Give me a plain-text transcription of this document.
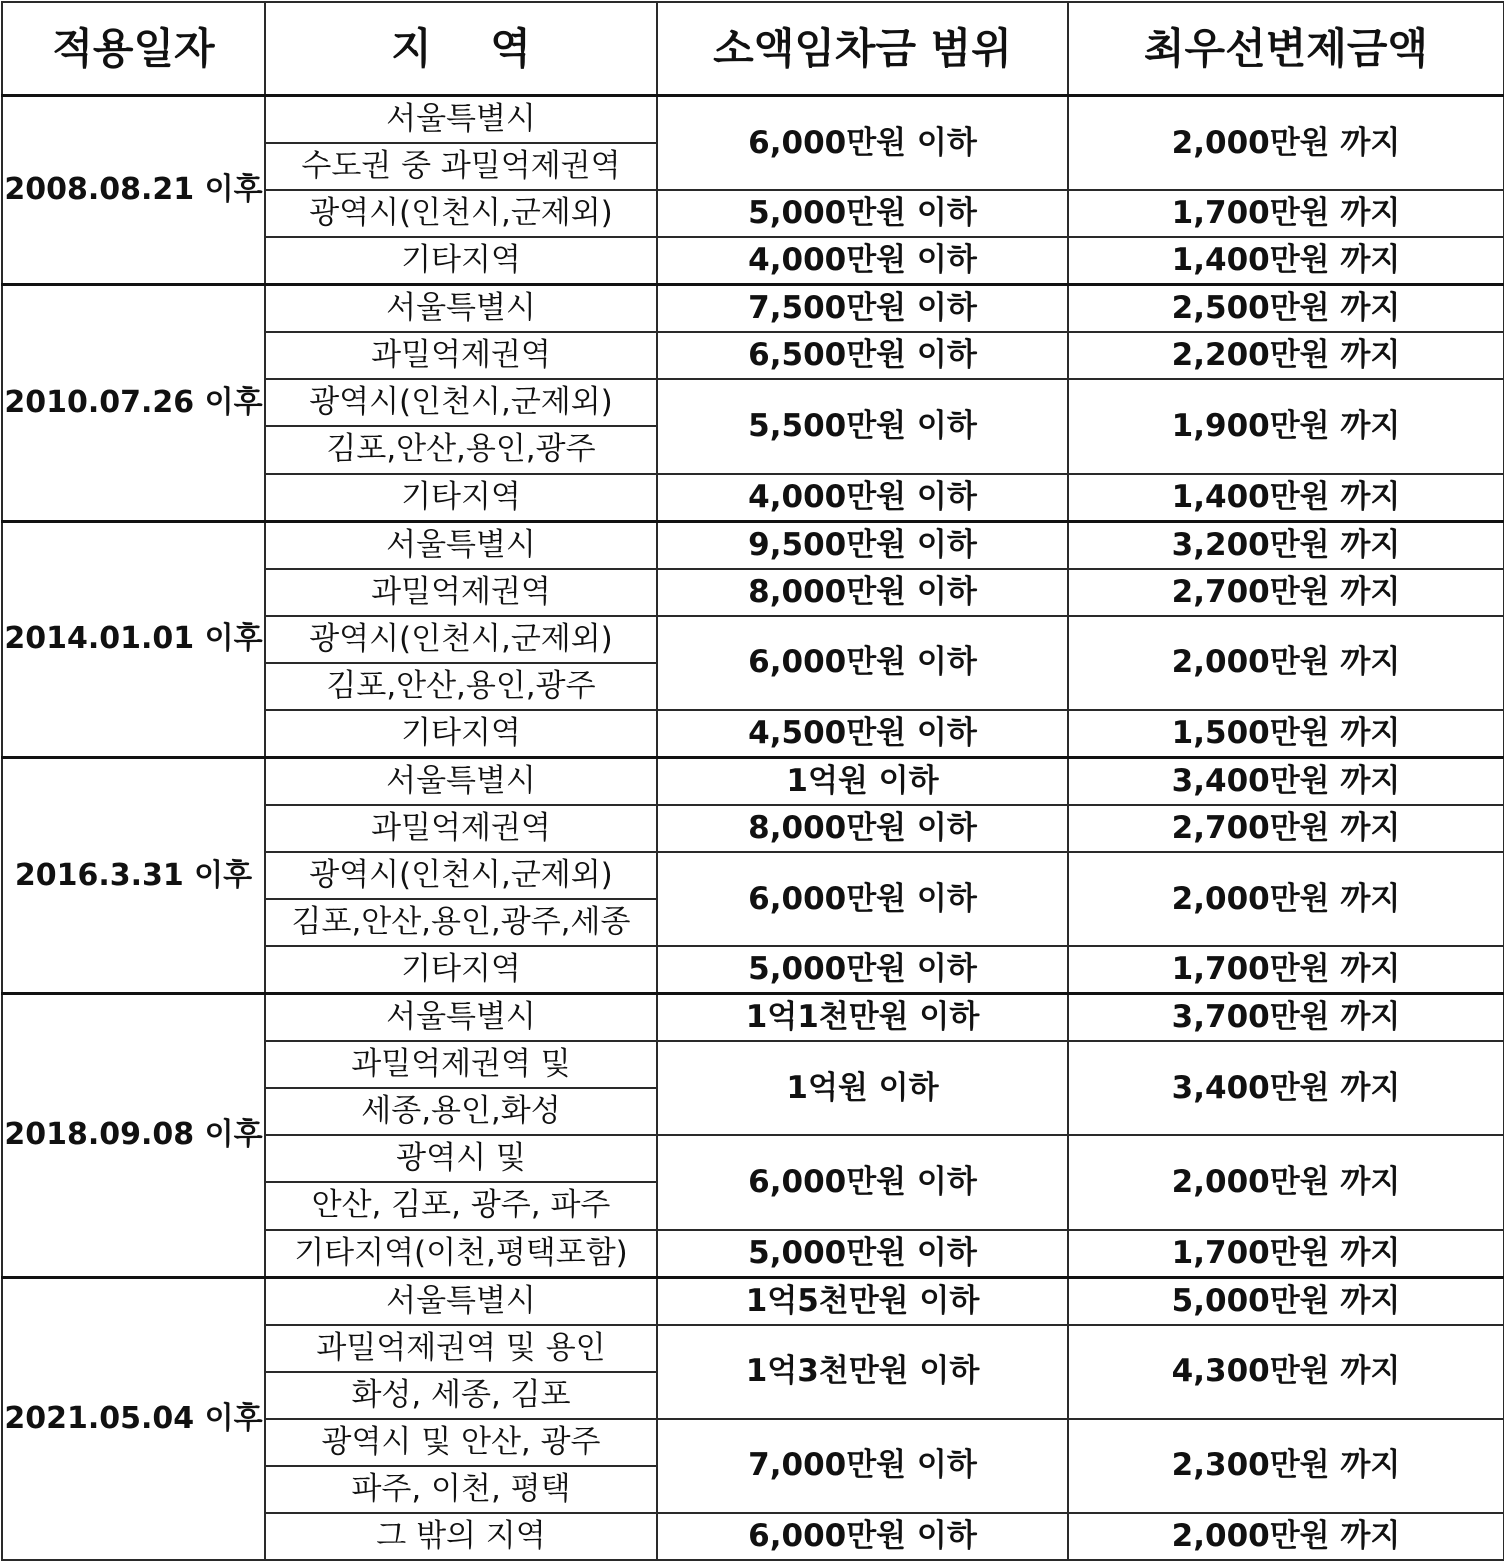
적용일자	지    역	소액임차금 범위	최우선변제금액
2008.08.21 이후	서울특별시	6,000만원 이하	2,000만원 까지
	수도권 중 과밀억제권역		
	광역시(인천시,군제외)	5,000만원 이하	1,700만원 까지
	기타지역	4,000만원 이하	1,400만원 까지
2010.07.26 이후	서울특별시	7,500만원 이하	2,500만원 까지
	과밀억제권역	6,500만원 이하	2,200만원 까지
	광역시(인천시,군제외)	5,500만원 이하	1,900만원 까지
	김포,안산,용인,광주		
	기타지역	4,000만원 이하	1,400만원 까지
2014.01.01 이후	서울특별시	9,500만원 이하	3,200만원 까지
	과밀억제권역	8,000만원 이하	2,700만원 까지
	광역시(인천시,군제외)	6,000만원 이하	2,000만원 까지
	김포,안산,용인,광주		
	기타지역	4,500만원 이하	1,500만원 까지
2016.3.31 이후	서울특별시	1억원 이하	3,400만원 까지
	과밀억제권역	8,000만원 이하	2,700만원 까지
	광역시(인천시,군제외)	6,000만원 이하	2,000만원 까지
	김포,안산,용인,광주,세종		
	기타지역	5,000만원 이하	1,700만원 까지
2018.09.08 이후	서울특별시	1억1천만원 이하	3,700만원 까지
	과밀억제권역 및	1억원 이하	3,400만원 까지
	세종,용인,화성		
	광역시 및	6,000만원 이하	2,000만원 까지
	안산, 김포, 광주, 파주		
	기타지역(이천,평택포함)	5,000만원 이하	1,700만원 까지
2021.05.04 이후	서울특별시	1억5천만원 이하	5,000만원 까지
	과밀억제권역 및 용인	1억3천만원 이하	4,300만원 까지
	화성, 세종, 김포		
	광역시 및 안산, 광주	7,000만원 이하	2,300만원 까지
	파주, 이천, 평택		
	그 밖의 지역	6,000만원 이하	2,000만원 까지
